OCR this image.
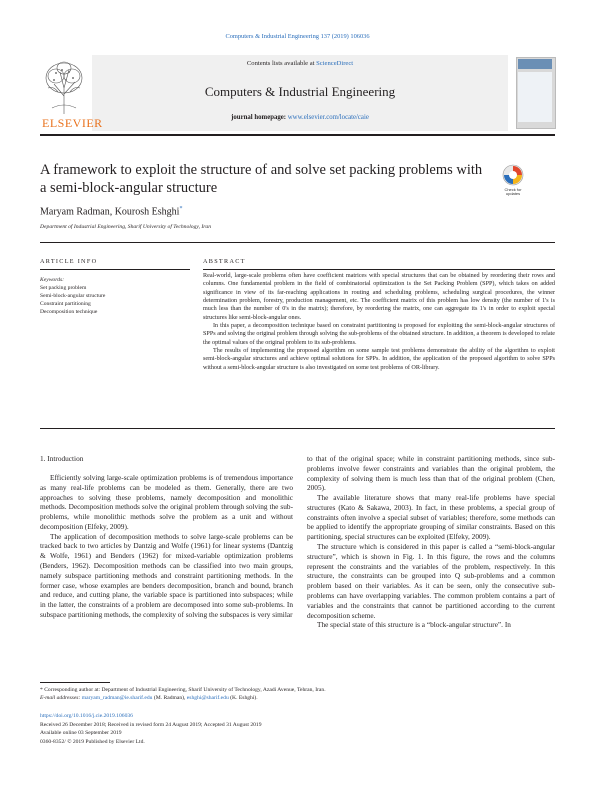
Computers & Industrial Engineering 137 (2019) 106036
ELSEVIER
Contents lists available at ScienceDirect
Computers & Industrial Engineering
journal homepage: www.elsevier.com/locate/caie
A framework to exploit the structure of and solve set packing problems with a semi-block-angular structure	Check for
updates
Maryam Radman, Kourosh Eshghi*
Department of Industrial Engineering, Sharif University of Technology, Iran
ARTICLE INFO
Keywords:
Set packing problem
Semi-block-angular structure
Constraint partitioning
Decomposition technique
ABSTRACT

Real-world, large-scale problems often have coefficient matrices with special structures that can be obtained by reordering their rows and columns. One fundamental problem in the field of combinatorial optimization is the Set Packing Problem (SPP), which takes on added significance in view of its far-reaching applications in routing and scheduling problems, scheduling surgical procedures, the winner determination problem, forestry, production management, etc. The coefficient matrix of this problem has low density (the number of 1's is much less than the number of 0's in the matrix); therefore, by reordering the matrix, one can aggregate its 1's in order to exploit special structures like semi-block-angular ones.

In this paper, a decomposition technique based on constraint partitioning is proposed for exploiting the semi-block-angular structures of SPPs and solving the original problem through solving the sub-problems of the obtained structure. In addition, a theorem is developed to relate the optimal values of the original problem to its sub-problems.

The results of implementing the proposed algorithm on some sample test problems demonstrate the ability of the algorithm to exploit semi-block-angular structures and achieve optimal solutions for SPPs. In addition, the application of the proposed algorithm to solve SPPs without a semi-block-angular structure is also investigated on some test problems of OR-library.

1. Introduction

Efficiently solving large-scale optimization problems is of tremendous importance as many real-life problems can be modeled as them. Generally, there are two approaches to solving these problems, namely decomposition and monolithic methods. Decomposition methods solve the original problem through solving the sub-problems, while monolithic methods solve the problem as a unit and without decomposition (Elfeky, 2009).

The application of decomposition methods to solve large-scale problems can be tracked back to two articles by Dantzig and Wolfe (1961) for linear systems (Dantzig & Wolfe, 1961) and Benders (1962) for mixed-variable optimization problems (Benders, 1962). Decomposition methods can be classified into two main groups, namely subspace partitioning methods and constraint partitioning methods. In the former case, whose examples are benders decomposition, branch and bound, branch and reduce, and cutting plane, the variable space is partitioned into subspaces; while in the latter, the constraints of a problem are decomposed into some sub-problems. In subspace partitioning methods, the complexity of solving the subspaces is very similar

to that of the original space; while in constraint partitioning methods, since sub-problems involve fewer constraints and variables than the original problem, the complexity of solving them is much less than that of the original problem (Chen, 2005).

The available literature shows that many real-life problems have special structures (Kato & Sakawa, 2003). In fact, in these problems, a special group of constraints often involve a special subset of variables; therefore, some methods can be applied to identify the appropriate grouping of similar constraints. Based on this partitioning, special structures can be exploited (Elfeky, 2009).

The structure which is considered in this paper is called a “semi-block-angular structure”, which is shown in Fig. 1. In this figure, the rows and the columns represent the constraints and the variables of the problem, respectively. In this structure, the constraints can be grouped into Q sub-problems and a common problem based on their variables. As it can be seen, only the consecutive sub-problems can have overlapping variables. The common problem contains a part of variables and the constraints that cannot be partitioned according to the current decomposition scheme.

The special state of this structure is a “block-angular structure”. In

* Corresponding author at: Department of Industrial Engineering, Sharif University of Technology, Azadi Avenue, Tehran, Iran.
E-mail addresses: maryam_radman@ie.sharif.edu (M. Radman), eshghi@sharif.edu (K. Eshghi).
https://doi.org/10.1016/j.cie.2019.106036
Received 26 December 2018; Received in revised form 24 August 2019; Accepted 31 August 2019
Available online 03 September 2019
0360-8352/ © 2019 Published by Elsevier Ltd.
